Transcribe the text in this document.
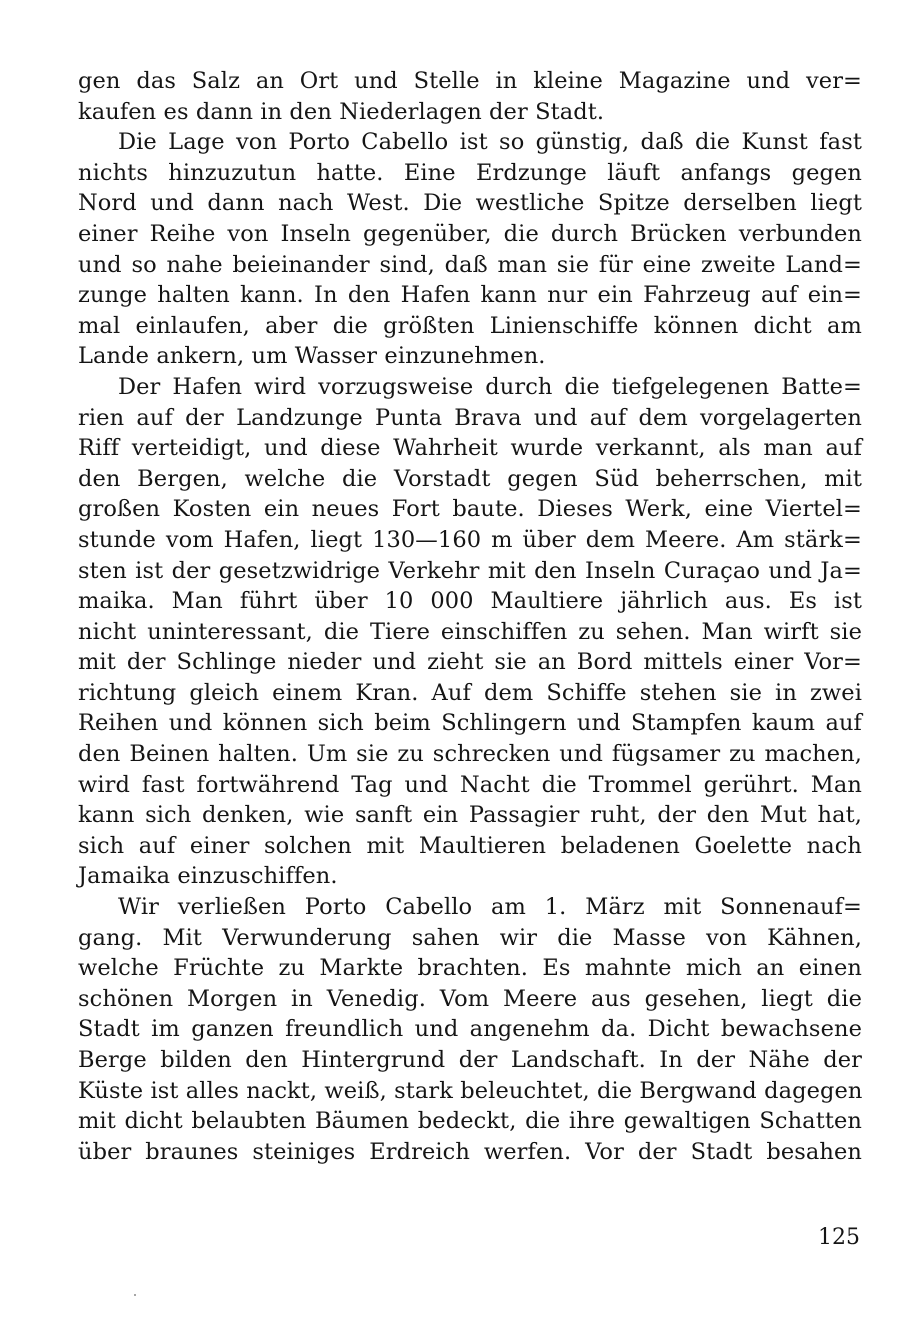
gen das Salz an Ort und Stelle in kleine Magazine und ver=
kaufen es dann in den Niederlagen der Stadt.
Die Lage von Porto Cabello ist so günstig, daß die Kunst fast
nichts hinzuzutun hatte. Eine Erdzunge läuft anfangs gegen
Nord und dann nach West. Die westliche Spitze derselben liegt
einer Reihe von Inseln gegenüber, die durch Brücken verbunden
und so nahe beieinander sind, daß man sie für eine zweite Land=
zunge halten kann. In den Hafen kann nur ein Fahrzeug auf ein=
mal einlaufen, aber die größten Linienschiffe können dicht am
Lande ankern, um Wasser einzunehmen.
Der Hafen wird vorzugsweise durch die tiefgelegenen Batte=
rien auf der Landzunge Punta Brava und auf dem vorgelagerten
Riff verteidigt, und diese Wahrheit wurde verkannt, als man auf
den Bergen, welche die Vorstadt gegen Süd beherrschen, mit
großen Kosten ein neues Fort baute. Dieses Werk, eine Viertel=
stunde vom Hafen, liegt 130—160 m über dem Meere. Am stärk=
sten ist der gesetzwidrige Verkehr mit den Inseln Curaçao und Ja=
maika. Man führt über 10 000 Maultiere jährlich aus. Es ist
nicht uninteressant, die Tiere einschiffen zu sehen. Man wirft sie
mit der Schlinge nieder und zieht sie an Bord mittels einer Vor=
richtung gleich einem Kran. Auf dem Schiffe stehen sie in zwei
Reihen und können sich beim Schlingern und Stampfen kaum auf
den Beinen halten. Um sie zu schrecken und fügsamer zu machen,
wird fast fortwährend Tag und Nacht die Trommel gerührt. Man
kann sich denken, wie sanft ein Passagier ruht, der den Mut hat,
sich auf einer solchen mit Maultieren beladenen Goelette nach
Jamaika einzuschiffen.
Wir verließen Porto Cabello am 1. März mit Sonnenauf=
gang. Mit Verwunderung sahen wir die Masse von Kähnen,
welche Früchte zu Markte brachten. Es mahnte mich an einen
schönen Morgen in Venedig. Vom Meere aus gesehen, liegt die
Stadt im ganzen freundlich und angenehm da. Dicht bewachsene
Berge bilden den Hintergrund der Landschaft. In der Nähe der
Küste ist alles nackt, weiß, stark beleuchtet, die Bergwand dagegen
mit dicht belaubten Bäumen bedeckt, die ihre gewaltigen Schatten
über braunes steiniges Erdreich werfen. Vor der Stadt besahen
125
